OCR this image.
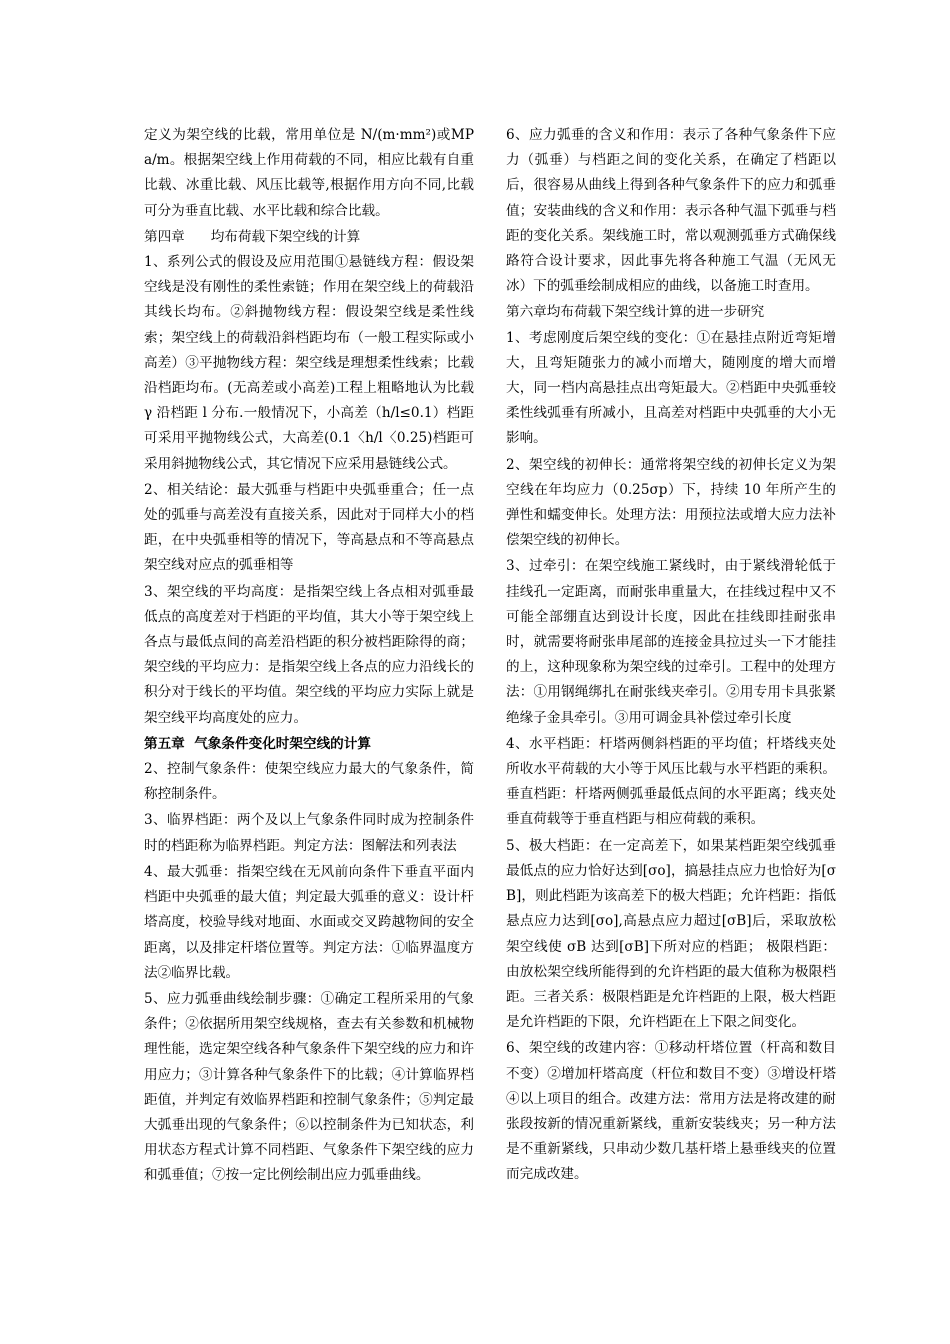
定义为架空线的比载，常用单位是 N/(m·mm²)或MPa/m。根据架空线上作用荷载的不同，相应比载有自重比载、冰重比载、风压比载等,根据作用方向不同,比载可分为垂直比载、水平比载和综合比载。

第四章      均布荷载下架空线的计算

1、系列公式的假设及应用范围①悬链线方程：假设架空线是没有刚性的柔性索链；作用在架空线上的荷载沿其线长均布。②斜抛物线方程：假设架空线是柔性线索；架空线上的荷载沿斜档距均布（一般工程实际或小高差）③平抛物线方程：架空线是理想柔性线索；比载沿档距均布。(无高差或小高差)工程上粗略地认为比载 γ 沿档距 l 分布.一般情况下，小高差（h/l≤0.1）档距可采用平抛物线公式，大高差(0.1〈h/l〈0.25)档距可采用斜抛物线公式，其它情况下应采用悬链线公式。

2、相关结论：最大弧垂与档距中央弧垂重合；任一点处的弧垂与高差没有直接关系，因此对于同样大小的档距，在中央弧垂相等的情况下，等高悬点和不等高悬点架空线对应点的弧垂相等

3、架空线的平均高度：是指架空线上各点相对弧垂最低点的高度差对于档距的平均值，其大小等于架空线上各点与最低点间的高差沿档距的积分被档距除得的商；架空线的平均应力：是指架空线上各点的应力沿线长的积分对于线长的平均值。架空线的平均应力实际上就是架空线平均高度处的应力。

第五章  气象条件变化时架空线的计算

2、控制气象条件：使架空线应力最大的气象条件，简称控制条件。

3、临界档距：两个及以上气象条件同时成为控制条件时的档距称为临界档距。判定方法：图解法和列表法

4、最大弧垂：指架空线在无风前向条件下垂直平面内档距中央弧垂的最大值；判定最大弧垂的意义：设计杆塔高度，校验导线对地面、水面或交叉跨越物间的安全距离，以及排定杆塔位置等。判定方法：①临界温度方法②临界比载。

5、应力弧垂曲线绘制步骤：①确定工程所采用的气象条件；②依据所用架空线规格，查去有关参数和机械物理性能，选定架空线各种气象条件下架空线的应力和许用应力；③计算各种气象条件下的比载；④计算临界档距值，并判定有效临界档距和控制气象条件；⑤判定最大弧垂出现的气象条件；⑥以控制条件为已知状态，利用状态方程式计算不同档距、气象条件下架空线的应力和弧垂值；⑦按一定比例绘制出应力弧垂曲线。

6、应力弧垂的含义和作用：表示了各种气象条件下应力（弧垂）与档距之间的变化关系，在确定了档距以后，很容易从曲线上得到各种气象条件下的应力和弧垂值；安装曲线的含义和作用：表示各种气温下弧垂与档距的变化关系。架线施工时，常以观测弧垂方式确保线路符合设计要求，因此事先将各种施工气温（无风无冰）下的弧垂绘制成相应的曲线，以备施工时查用。

第六章均布荷载下架空线计算的进一步研究

1、考虑刚度后架空线的变化：①在悬挂点附近弯矩增大，且弯矩随张力的减小而增大，随刚度的增大而增大，同一档内高悬挂点出弯矩最大。②档距中央弧垂较柔性线弧垂有所减小，且高差对档距中央弧垂的大小无影响。

2、架空线的初伸长：通常将架空线的初伸长定义为架空线在年均应力（0.25σp）下，持续 10 年所产生的弹性和蠕变伸长。处理方法：用预拉法或增大应力法补偿架空线的初伸长。

3、过牵引：在架空线施工紧线时，由于紧线滑轮低于挂线孔一定距离，而耐张串重量大，在挂线过程中又不可能全部绷直达到设计长度，因此在挂线即挂耐张串时，就需要将耐张串尾部的连接金具拉过头一下才能挂的上，这种现象称为架空线的过牵引。工程中的处理方法：①用钢绳绑扎在耐张线夹牵引。②用专用卡具张紧绝缘子金具牵引。③用可调金具补偿过牵引长度

4、水平档距：杆塔两侧斜档距的平均值；杆塔线夹处所收水平荷载的大小等于风压比载与水平档距的乘积。垂直档距：杆塔两侧弧垂最低点间的水平距离；线夹处垂直荷载等于垂直档距与相应荷载的乘积。

5、极大档距：在一定高差下，如果某档距架空线弧垂最低点的应力恰好达到[σo]，搞悬挂点应力也恰好为[σB]，则此档距为该高差下的极大档距；允许档距：指低悬点应力达到[σo],高悬点应力超过[σB]后，采取放松架空线使 σB 达到[σB]下所对应的档距； 极限档距：由放松架空线所能得到的允许档距的最大值称为极限档距。三者关系：极限档距是允许档距的上限，极大档距是允许档距的下限，允许档距在上下限之间变化。

6、架空线的改建内容：①移动杆塔位置（杆高和数目不变）②增加杆塔高度（杆位和数目不变）③增设杆塔④以上项目的组合。改建方法：常用方法是将改建的耐张段按新的情况重新紧线，重新安装线夹；另一种方法是不重新紧线，只串动少数几基杆塔上悬垂线夹的位置而完成改建。
